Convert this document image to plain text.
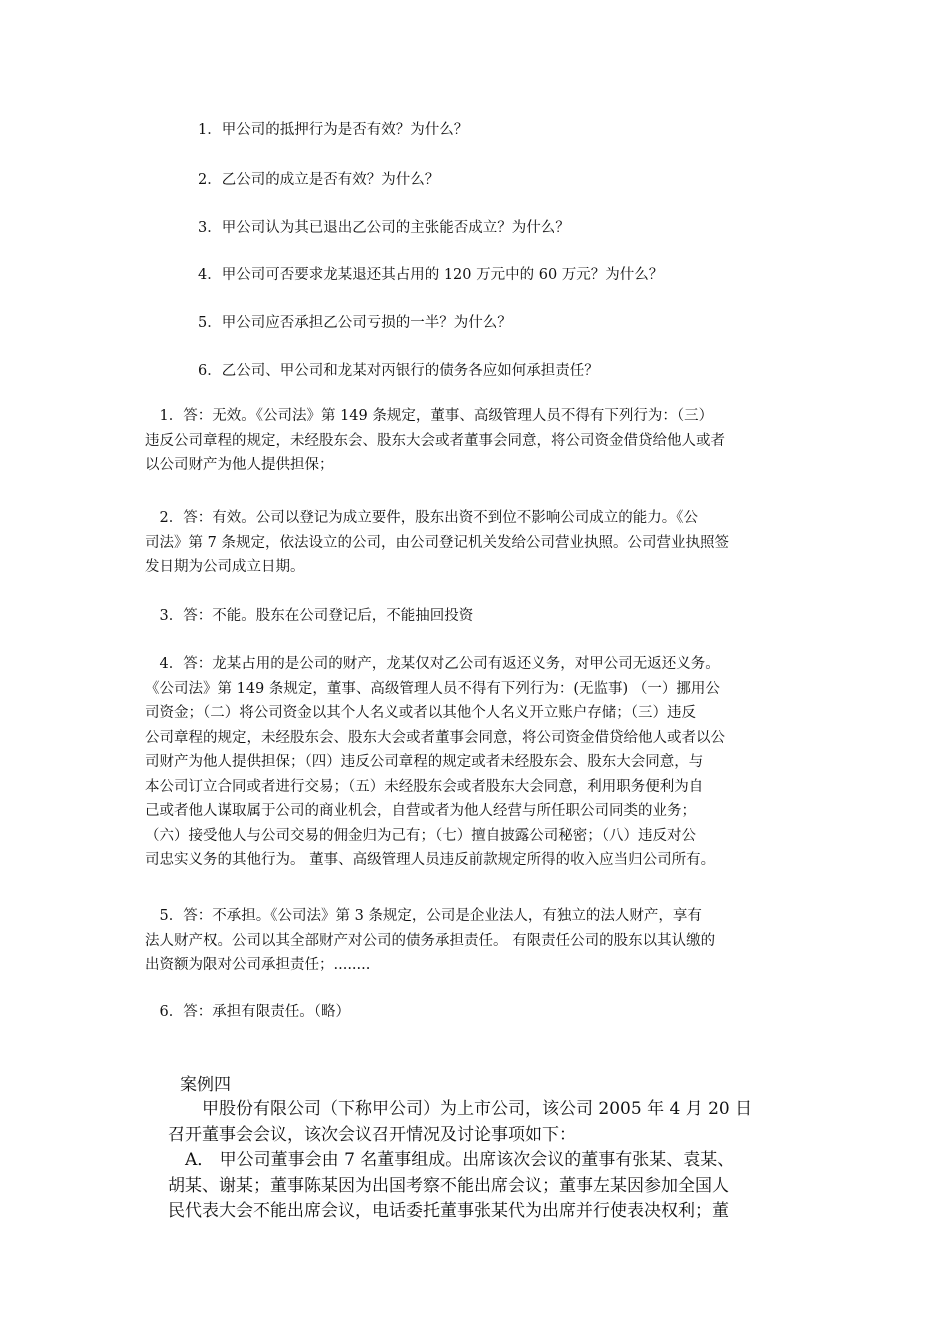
1．甲公司的抵押行为是否有效？为什么？
2．乙公司的成立是否有效？为什么？
3．甲公司认为其已退出乙公司的主张能否成立？为什么？
4．甲公司可否要求龙某退还其占用的 120 万元中的 60 万元？为什么？
5．甲公司应否承担乙公司亏损的一半？为什么？
6．乙公司、甲公司和龙某对丙银行的债务各应如何承担责任？
　1．答：无效。《公司法》第 149 条规定，董事、高级管理人员不得有下列行为：（三）
违反公司章程的规定，未经股东会、股东大会或者董事会同意，将公司资金借贷给他人或者
以公司财产为他人提供担保；
　2．答：有效。公司以登记为成立要件，股东出资不到位不影响公司成立的能力。《公
司法》第 7 条规定，依法设立的公司，由公司登记机关发给公司营业执照。公司营业执照签
发日期为公司成立日期。
　3．答：不能。股东在公司登记后，不能抽回投资
　4．答：龙某占用的是公司的财产，龙某仅对乙公司有返还义务，对甲公司无返还义务。
《公司法》第 149 条规定，董事、高级管理人员不得有下列行为：(无监事) （一）挪用公
司资金；（二）将公司资金以其个人名义或者以其他个人名义开立账户存储；（三）违反
公司章程的规定，未经股东会、股东大会或者董事会同意，将公司资金借贷给他人或者以公
司财产为他人提供担保；（四）违反公司章程的规定或者未经股东会、股东大会同意，与
本公司订立合同或者进行交易；（五）未经股东会或者股东大会同意，利用职务便利为自
己或者他人谋取属于公司的商业机会，自营或者为他人经营与所任职公司同类的业务；
（六）接受他人与公司交易的佣金归为己有；（七）擅自披露公司秘密；（八）违反对公
司忠实义务的其他行为。 董事、高级管理人员违反前款规定所得的收入应当归公司所有。
　5．答：不承担。《公司法》第 3 条规定，公司是企业法人，有独立的法人财产，享有
法人财产权。公司以其全部财产对公司的债务承担责任。 有限责任公司的股东以其认缴的
出资额为限对公司承担责任；........
　6．答：承担有限责任。（略）
案例四
　　甲股份有限公司（下称甲公司）为上市公司，该公司 2005 年 4 月 20 日
召开董事会会议，该次会议召开情况及讨论事项如下：
　A． 甲公司董事会由 7 名董事组成。出席该次会议的董事有张某、袁某、
胡某、谢某；董事陈某因为出国考察不能出席会议；董事左某因参加全国人
民代表大会不能出席会议，电话委托董事张某代为出席并行使表决权利；董
